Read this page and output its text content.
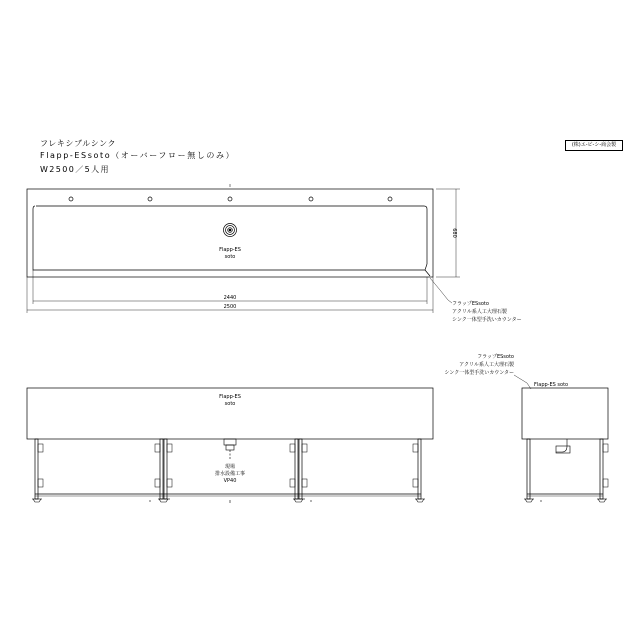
フレキシブルシンク
Flapp-ESsoto（オーバーフロー無しのみ）
W2500／5人用
(株)エ-ビ-シ-商会製
Flapp-ES
soto
2440
2500
680
フラップESsoto
アクリル系人工大理石製
シンク一体型手洗いカウンター
Flapp-ES
soto
現場
排水設備工事
VP40
フラップESsoto
アクリル系人工大理石製
シンク一体型手洗いカウンター
Flapp-ES soto
